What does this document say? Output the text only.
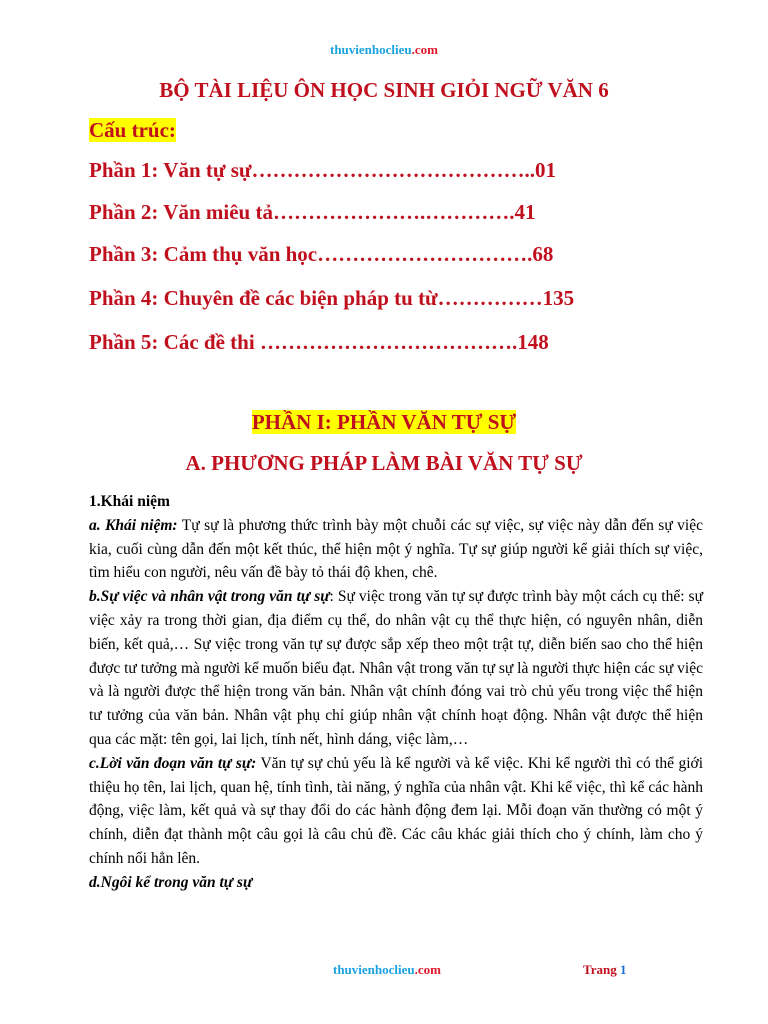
thuvienhoclieu.com
BỘ TÀI LIỆU ÔN HỌC SINH GIỎI NGỮ VĂN 6
Cấu trúc:
Phần 1: Văn tự sự…………………………………..01
Phần 2: Văn miêu tả………………….………….41
Phần 3: Cảm thụ văn học………………………….68
Phần 4: Chuyên đề các biện pháp tu từ……………135
Phần 5: Các đề thi ……………………………….148
PHẦN I: PHẦN VĂN TỰ SỰ
A. PHƯƠNG PHÁP LÀM BÀI VĂN TỰ SỰ

1.Khái niệm

a. Khái niệm: Tự sự là phương thức trình bày một chuỗi các sự việc, sự việc này dẫn đến sự việc kia, cuối cùng dẫn đến một kết thúc, thể hiện một ý nghĩa. Tự sự giúp người kể giải thích sự việc, tìm hiểu con người, nêu vấn đề bày tỏ thái độ khen, chê.

b.Sự việc và nhân vật trong văn tự sự: Sự việc trong văn tự sự được trình bày một cách cụ thể: sự việc xảy ra trong thời gian, địa điểm cụ thể, do nhân vật cụ thể thực hiện, có nguyên nhân, diễn biến, kết quả,… Sự việc trong văn tự sự được sắp xếp theo một trật tự, diễn biến sao cho thể hiện được tư tưởng mà người kể muốn biểu đạt. Nhân vật trong văn tự sự là người thực hiện các sự việc và là người được thể hiện trong văn bản. Nhân vật chính đóng vai trò chủ yếu trong việc thể hiện tư tưởng của văn bản. Nhân vật phụ chỉ giúp nhân vật chính hoạt động. Nhân vật được thể hiện qua các mặt: tên gọi, lai lịch, tính nết, hình dáng, việc làm,…

c.Lời văn đoạn văn tự sự: Văn tự sự chủ yếu là kể người và kể việc. Khi kể người thì có thể giới thiệu họ tên, lai lịch, quan hệ, tính tình, tài năng, ý nghĩa của nhân vật. Khi kể việc, thì kể các hành động, việc làm, kết quả và sự thay đổi do các hành động đem lại. Mỗi đoạn văn thường có một ý chính, diễn đạt thành một câu gọi là câu chủ đề. Các câu khác giải thích cho ý chính, làm cho ý chính nổi hẳn lên.

d.Ngôi kể trong văn tự sự

thuvienhoclieu.com	Trang 1
